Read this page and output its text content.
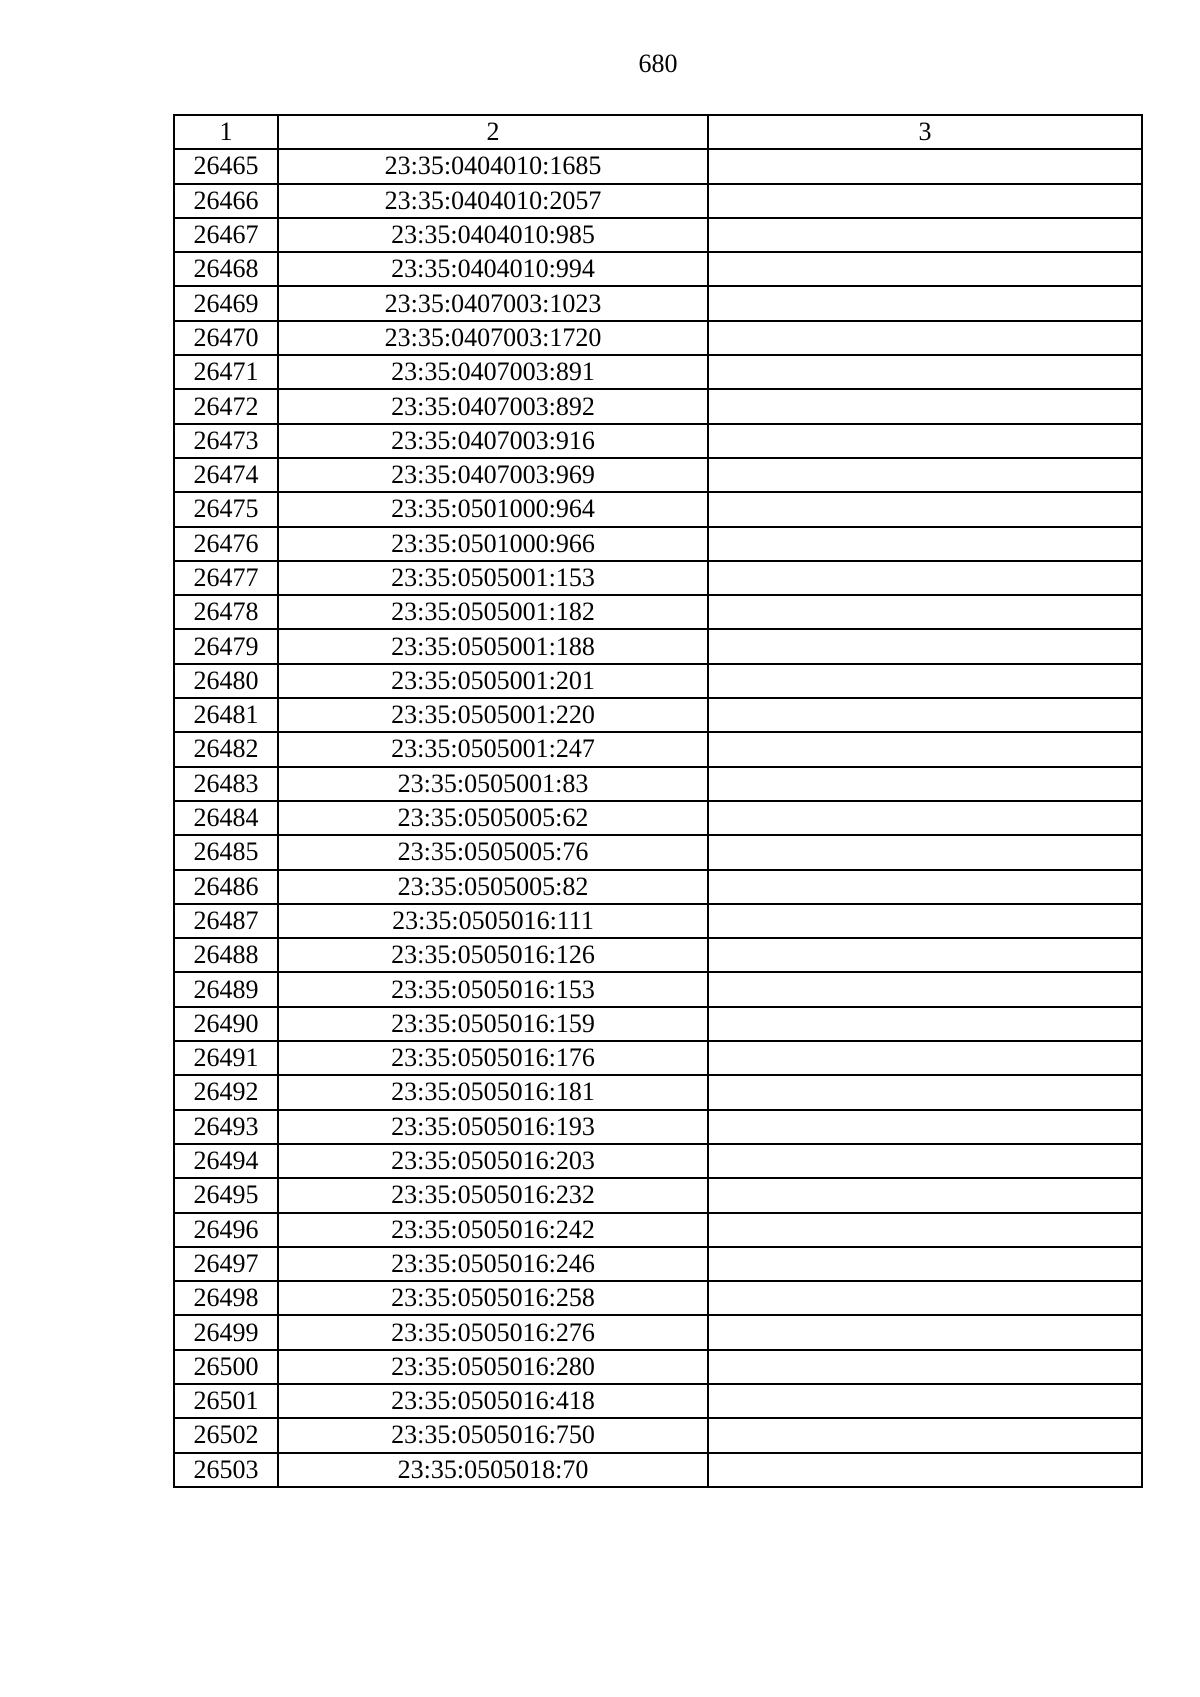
680
1	2	3
26465	23:35:0404010:1685	
26466	23:35:0404010:2057	
26467	23:35:0404010:985	
26468	23:35:0404010:994	
26469	23:35:0407003:1023	
26470	23:35:0407003:1720	
26471	23:35:0407003:891	
26472	23:35:0407003:892	
26473	23:35:0407003:916	
26474	23:35:0407003:969	
26475	23:35:0501000:964	
26476	23:35:0501000:966	
26477	23:35:0505001:153	
26478	23:35:0505001:182	
26479	23:35:0505001:188	
26480	23:35:0505001:201	
26481	23:35:0505001:220	
26482	23:35:0505001:247	
26483	23:35:0505001:83	
26484	23:35:0505005:62	
26485	23:35:0505005:76	
26486	23:35:0505005:82	
26487	23:35:0505016:111	
26488	23:35:0505016:126	
26489	23:35:0505016:153	
26490	23:35:0505016:159	
26491	23:35:0505016:176	
26492	23:35:0505016:181	
26493	23:35:0505016:193	
26494	23:35:0505016:203	
26495	23:35:0505016:232	
26496	23:35:0505016:242	
26497	23:35:0505016:246	
26498	23:35:0505016:258	
26499	23:35:0505016:276	
26500	23:35:0505016:280	
26501	23:35:0505016:418	
26502	23:35:0505016:750	
26503	23:35:0505018:70	
